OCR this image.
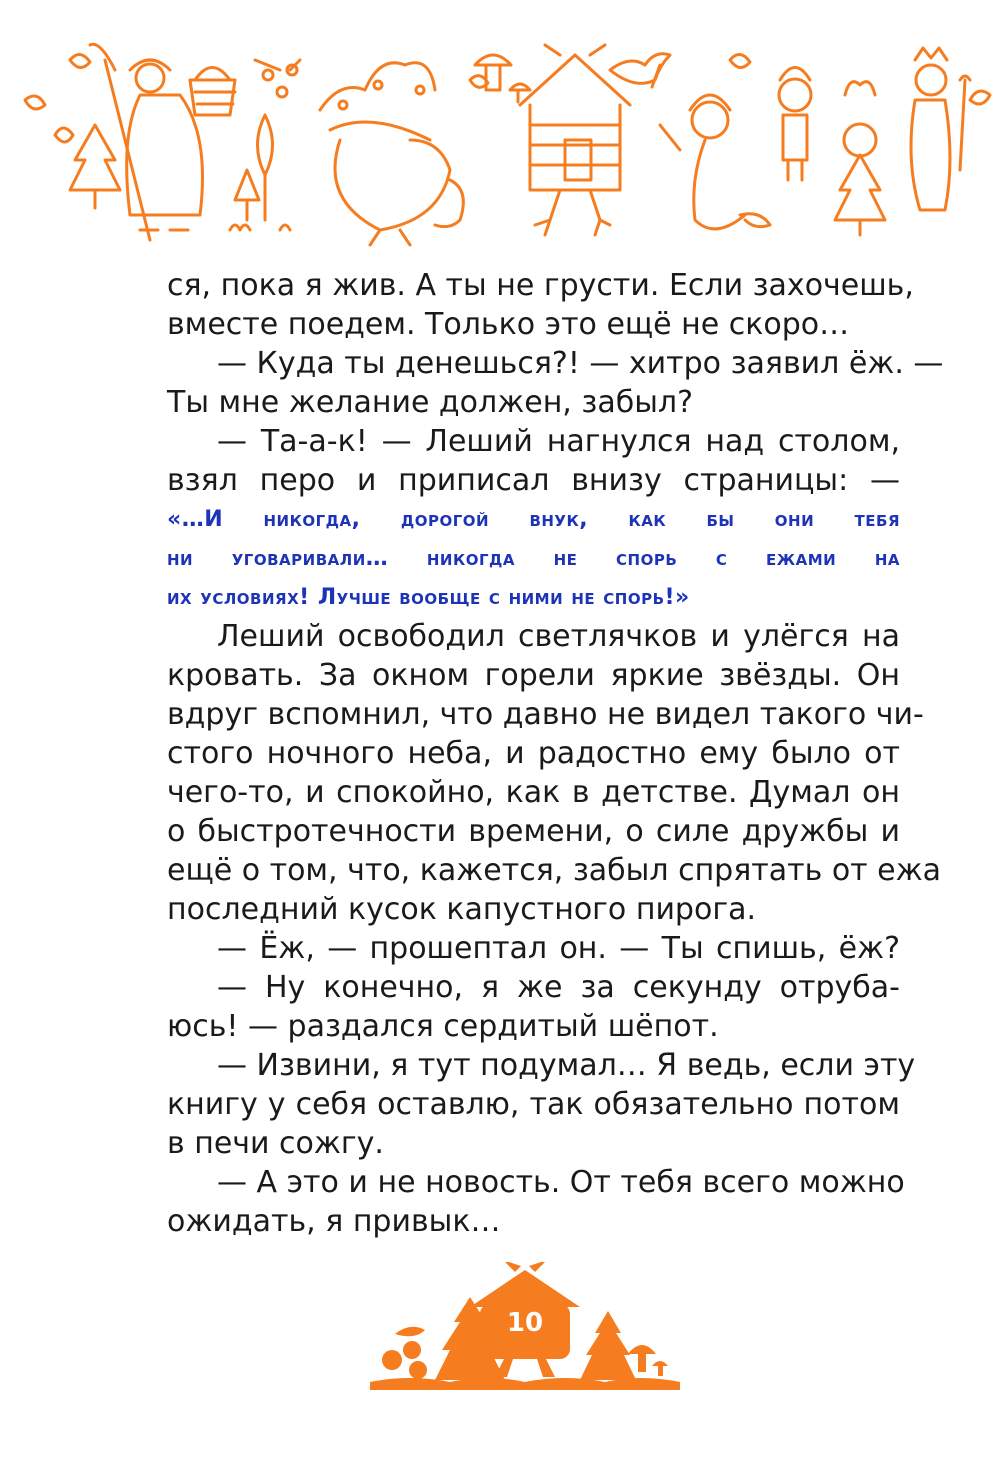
ся, пока я жив. А ты не грусти. Если захочешь,
вместе поедем. Только это ещё не скоро…
— Куда ты денешься?! — хитро заявил ёж. —
Ты мне желание должен, забыл?
— Та-а-к! — Леший нагнулся над столом,
взял перо и приписал внизу страницы: —
«…И никогда, дорогой внук, как бы они тебя
ни уговаривали… никогда не спорь с ежами на
их условиях! Лучше вообще с ними не спорь!»
Леший освободил светлячков и улёгся на
кровать. За окном горели яркие звёзды. Он
вдруг вспомнил, что давно не видел такого чи-
стого ночного неба, и радостно ему было от
чего-то, и спокойно, как в детстве. Думал он
о быстротечности времени, о силе дружбы и
ещё о том, что, кажется, забыл спрятать от ежа
последний кусок капустного пирога.
— Ёж, — прошептал он. — Ты спишь, ёж?
— Ну конечно, я же за секунду отруба-
юсь! — раздался сердитый шёпот.
— Извини, я тут подумал… Я ведь, если эту
книгу у себя оставлю, так обязательно потом
в печи сожгу.
— А это и не новость. От тебя всего можно
ожидать, я привык…
10
